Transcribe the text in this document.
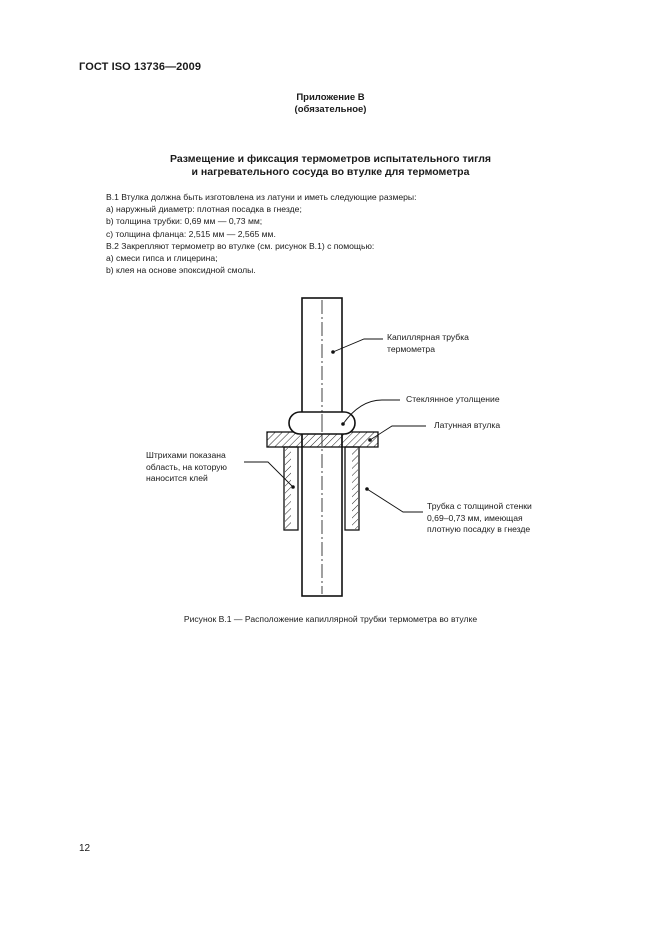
ГОСТ ISO 13736—2009
Приложение B
(обязательное)
Размещение и фиксация термометров испытательного тигля
и нагревательного сосуда во втулке для термометра
B.1 Втулка должна быть изготовлена из латуни и иметь следующие размеры:
a) наружный диаметр: плотная посадка в гнезде;
b) толщина трубки: 0,69 мм — 0,73 мм;
c) толщина фланца: 2,515 мм — 2,565 мм.
B.2 Закрепляют термометр во втулке (см. рисунок B.1) с помощью:
a) смеси гипса и глицерина;
b) клея на основе эпоксидной смолы.
Капиллярная трубка
термометра
Стеклянное утолщение
Латунная втулка
Штрихами показана
область, на которую
наносится клей
Трубка с толщиной стенки
0,69–0,73 мм, имеющая
плотную посадку в гнезде
Рисунок B.1 — Расположение капиллярной трубки термометра во втулке
12
